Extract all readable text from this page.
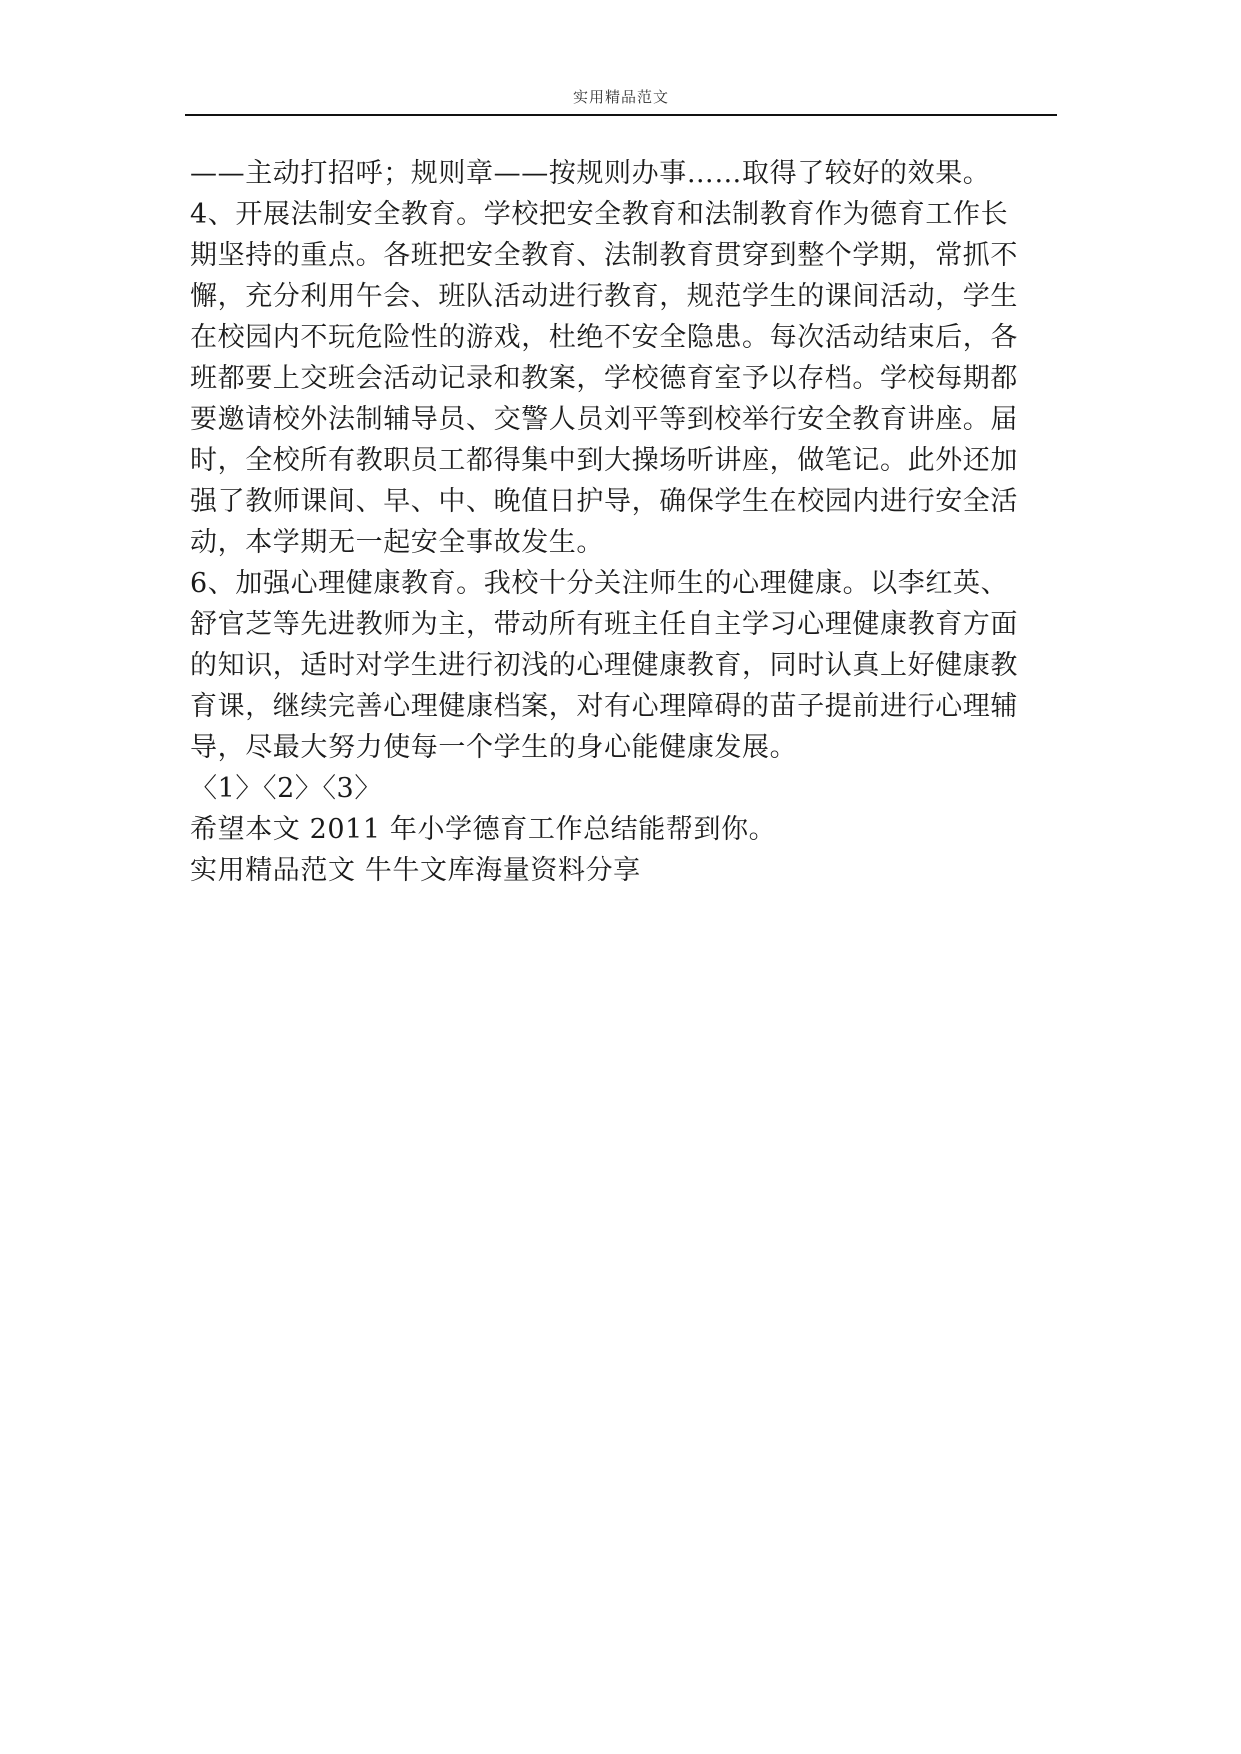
实用精品范文

——主动打招呼；规则章——按规则办事……取得了较好的效果。

4、开展法制安全教育。学校把安全教育和法制教育作为德育工作长
期坚持的重点。各班把安全教育、法制教育贯穿到整个学期，常抓不
懈，充分利用午会、班队活动进行教育，规范学生的课间活动，学生
在校园内不玩危险性的游戏，杜绝不安全隐患。每次活动结束后，各
班都要上交班会活动记录和教案，学校德育室予以存档。学校每期都
要邀请校外法制辅导员、交警人员刘平等到校举行安全教育讲座。届
时，全校所有教职员工都得集中到大操场听讲座，做笔记。此外还加
强了教师课间、早、中、晚值日护导，确保学生在校园内进行安全活
动，本学期无一起安全事故发生。

6、加强心理健康教育。我校十分关注师生的心理健康。以李红英、
舒官芝等先进教师为主，带动所有班主任自主学习心理健康教育方面
的知识，适时对学生进行初浅的心理健康教育，同时认真上好健康教
育课，继续完善心理健康档案，对有心理障碍的苗子提前进行心理辅
导，尽最大努力使每一个学生的身心能健康发展。

〈1〉〈2〉〈3〉

希望本文 2011 年小学德育工作总结能帮到你。

实用精品范文 牛牛文库海量资料分享
